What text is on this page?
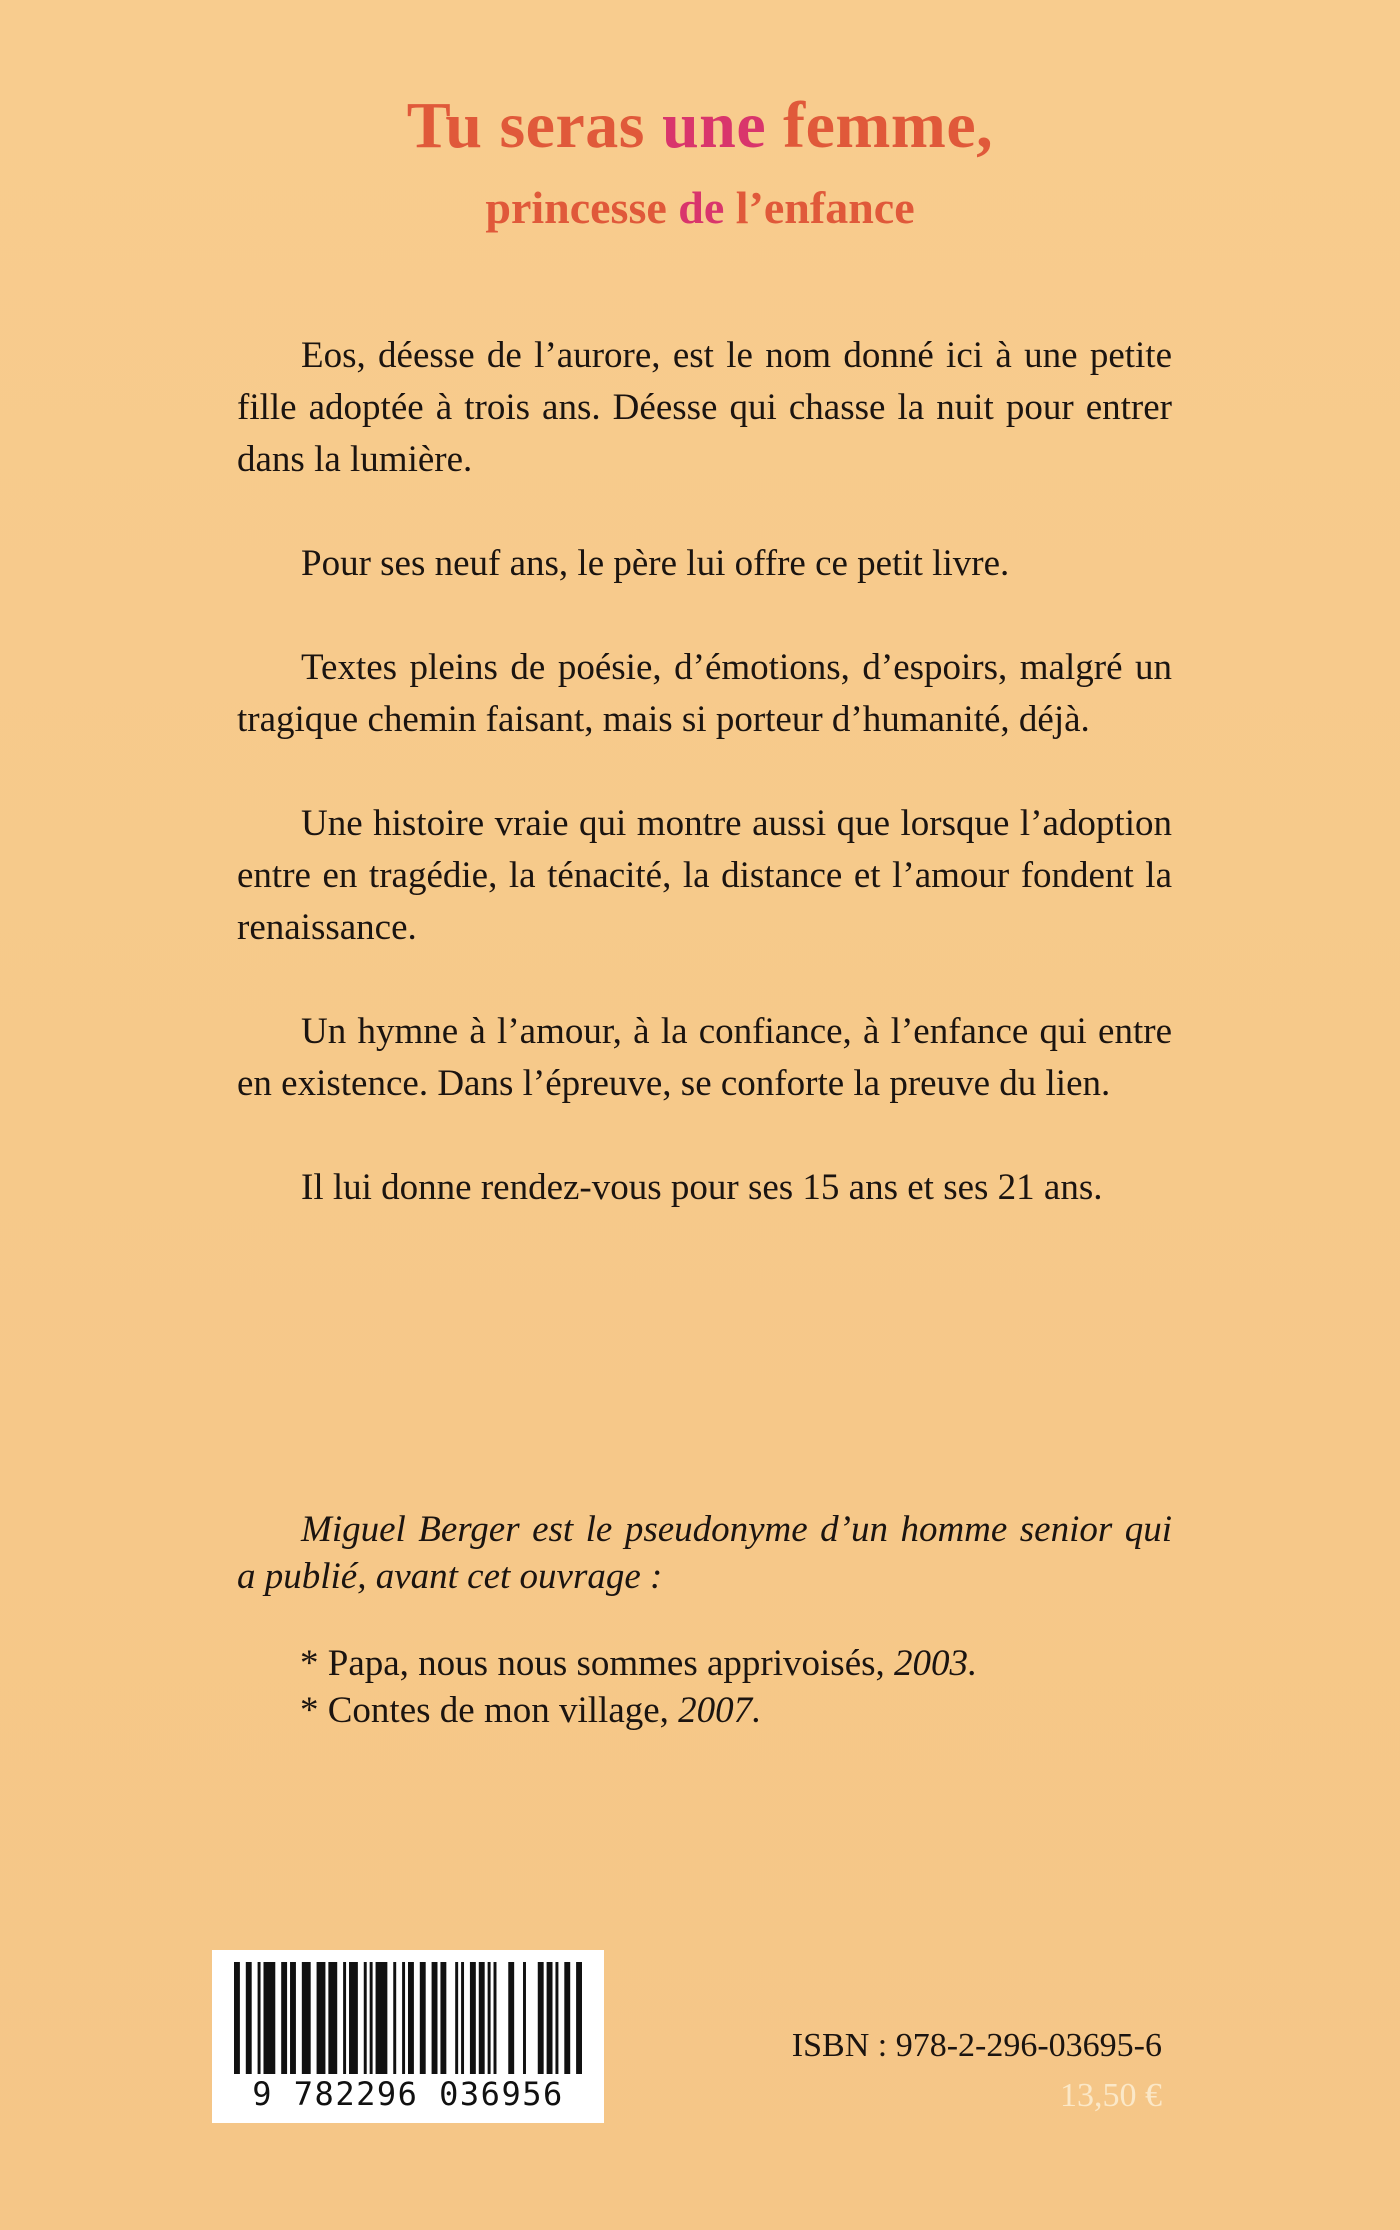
Tu seras une femme,
princesse de l’enfance

Eos, déesse de l’aurore, est le nom donné ici à une petite fille adoptée à trois ans. Déesse qui chasse la nuit pour entrer dans la lumière.

Pour ses neuf ans, le père lui offre ce petit livre.

Textes pleins de poésie, d’émotions, d’espoirs, malgré un tragique chemin faisant, mais si porteur d’humanité, déjà.

Une histoire vraie qui montre aussi que lorsque l’adoption entre en tragédie, la ténacité, la distance et l’amour fondent la renaissance.

Un hymne à l’amour, à la confiance, à l’enfance qui entre en existence. Dans l’épreuve, se conforte la preuve du lien.

Il lui donne rendez-vous pour ses 15 ans et ses 21 ans.

Miguel Berger est le pseudonyme d’un homme senior qui a publié, avant cet ouvrage :
* Papa, nous nous sommes apprivoisés, 2003.
* Contes de mon village, 2007.
9 782296 036956
ISBN : 978-2-296-03695-6
13,50 €
